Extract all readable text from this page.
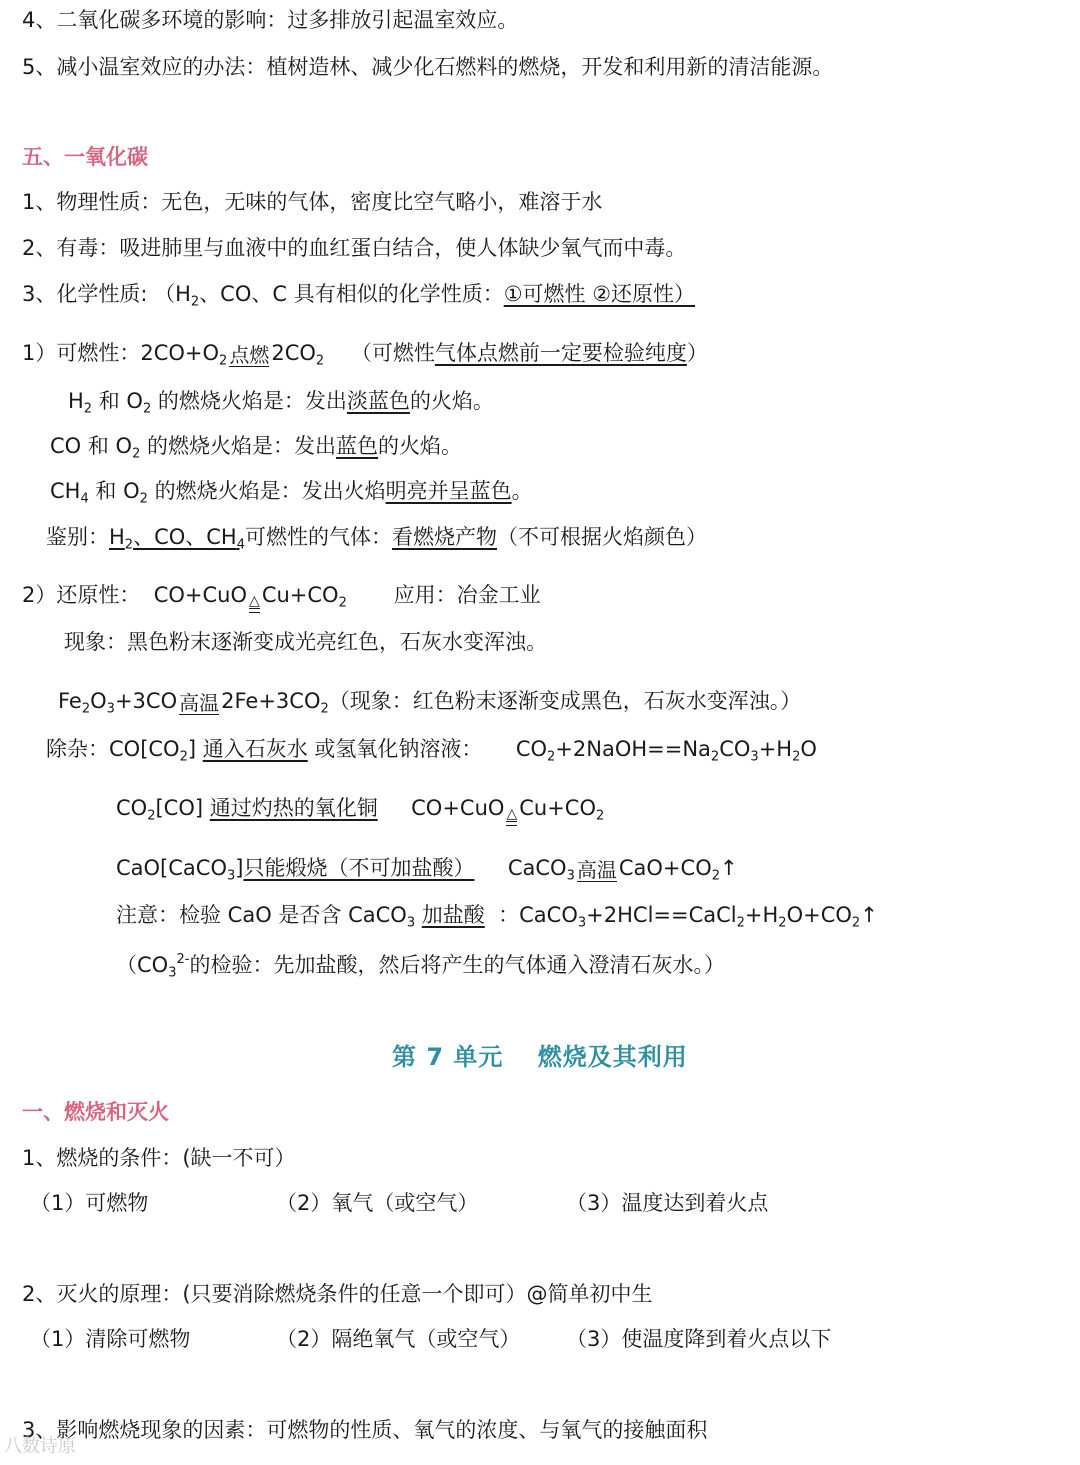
4、二氧化碳多环境的影响：过多排放引起温室效应。
5、减小温室效应的办法：植树造林、减少化石燃料的燃烧，开发和利用新的清洁能源。
五、一氧化碳
1、物理性质：无色，无味的气体，密度比空气略小，难溶于水
2、有毒：吸进肺里与血液中的血红蛋白结合，使人体缺少氧气而中毒。
3、化学性质: （$H_2$、CO、C 具有相似的化学性质：①可燃性 ②还原性）
1）可燃性：$2CO+O_2$ 点燃 $2CO_2$ （可燃性气体点燃前一定要检验纯度）
$H_2$ 和 $O_2$ 的燃烧火焰是：发出淡蓝色的火焰。
CO 和 $O_2$ 的燃烧火焰是：发出蓝色的火焰。
$CH_4$ 和 $O_2$ 的燃烧火焰是：发出火焰明亮并呈蓝色。
鉴别：$H_2$、CO、$CH_4$可燃性的气体：看燃烧产物（不可根据火焰颜色）
2）还原性： CO+CuO △ $Cu+CO_2$ 应用：冶金工业
现象：黑色粉末逐渐变成光亮红色，石灰水变浑浊。
$Fe_2O_3+3CO$ 高温 $2Fe+3CO_2$（现象：红色粉末逐渐变成黑色，石灰水变浑浊。）
除杂：$CO[CO_2]$ 通入石灰水 或氢氧化钠溶液： $CO_2+2NaOH==Na_2CO_3+H_2O$
$CO_2[CO]$ 通过灼热的氧化铜 CO+CuO △ $Cu+CO_2$
CaO[CaCO$_3$]只能煅烧（不可加盐酸） CaCO$_3$ 高温 $CaO+CO_2↑$
注意：检验 CaO 是否含 CaCO$_3$ 加盐酸 ：$CaCO_3+2HCl==CaCl_2+H_2O+CO_2↑$
（$CO_3^{2-}$的检验：先加盐酸，然后将产生的气体通入澄清石灰水。）
第 7 单元　 燃烧及其利用
一、燃烧和灭火
1、燃烧的条件：(缺一不可）
（1）可燃物	（2）氧气（或空气）	（3）温度达到着火点
2、灭火的原理：(只要消除燃烧条件的任意一个即可）@简单初中生
（1）清除可燃物	（2）隔绝氧气（或空气） （3）使温度降到着火点以下
3、影响燃烧现象的因素：可燃物的性质、氧气的浓度、与氧气的接触面积
八数诗原
